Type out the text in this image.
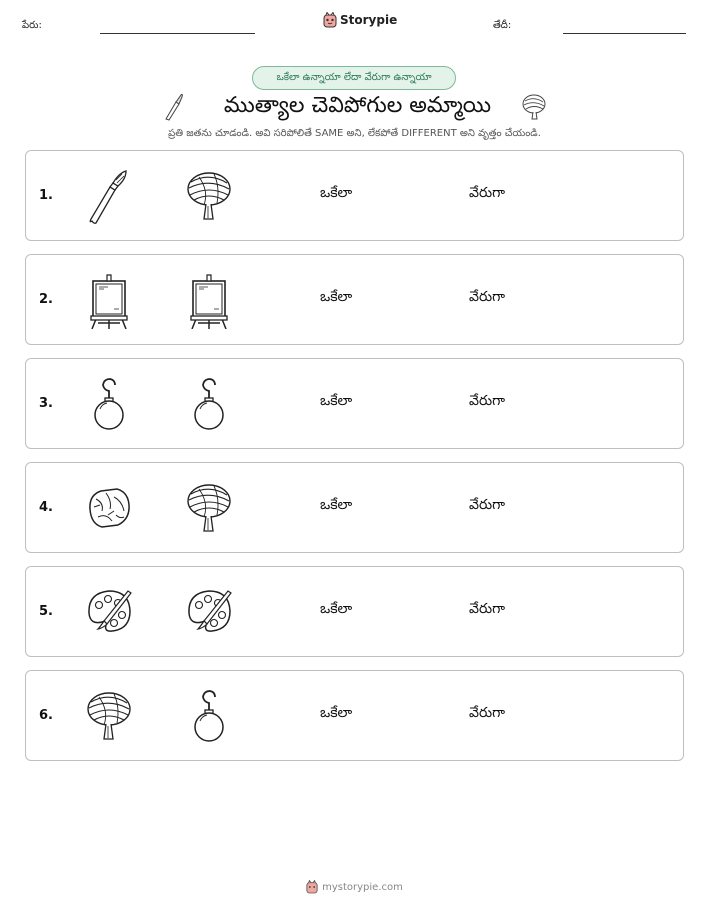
పేరు:	Storypie	తేదీ:
ఒకేలా ఉన్నాయా లేదా వేరుగా ఉన్నాయా
ముత్యాల చెవిపోగుల అమ్మాయి
ప్రతి జతను చూడండి. అవి సరిపోలితే SAME అని, లేకపోతే DIFFERENT అని వృత్తం చేయండి.
1.	ఒకేలా	వేరుగా
2.	ఒకేలా	వేరుగా
3.	ఒకేలా	వేరుగా
4.	ఒకేలా	వేరుగా
5.	ఒకేలా	వేరుగా
6.	ఒకేలా	వేరుగా
mystorypie.com
